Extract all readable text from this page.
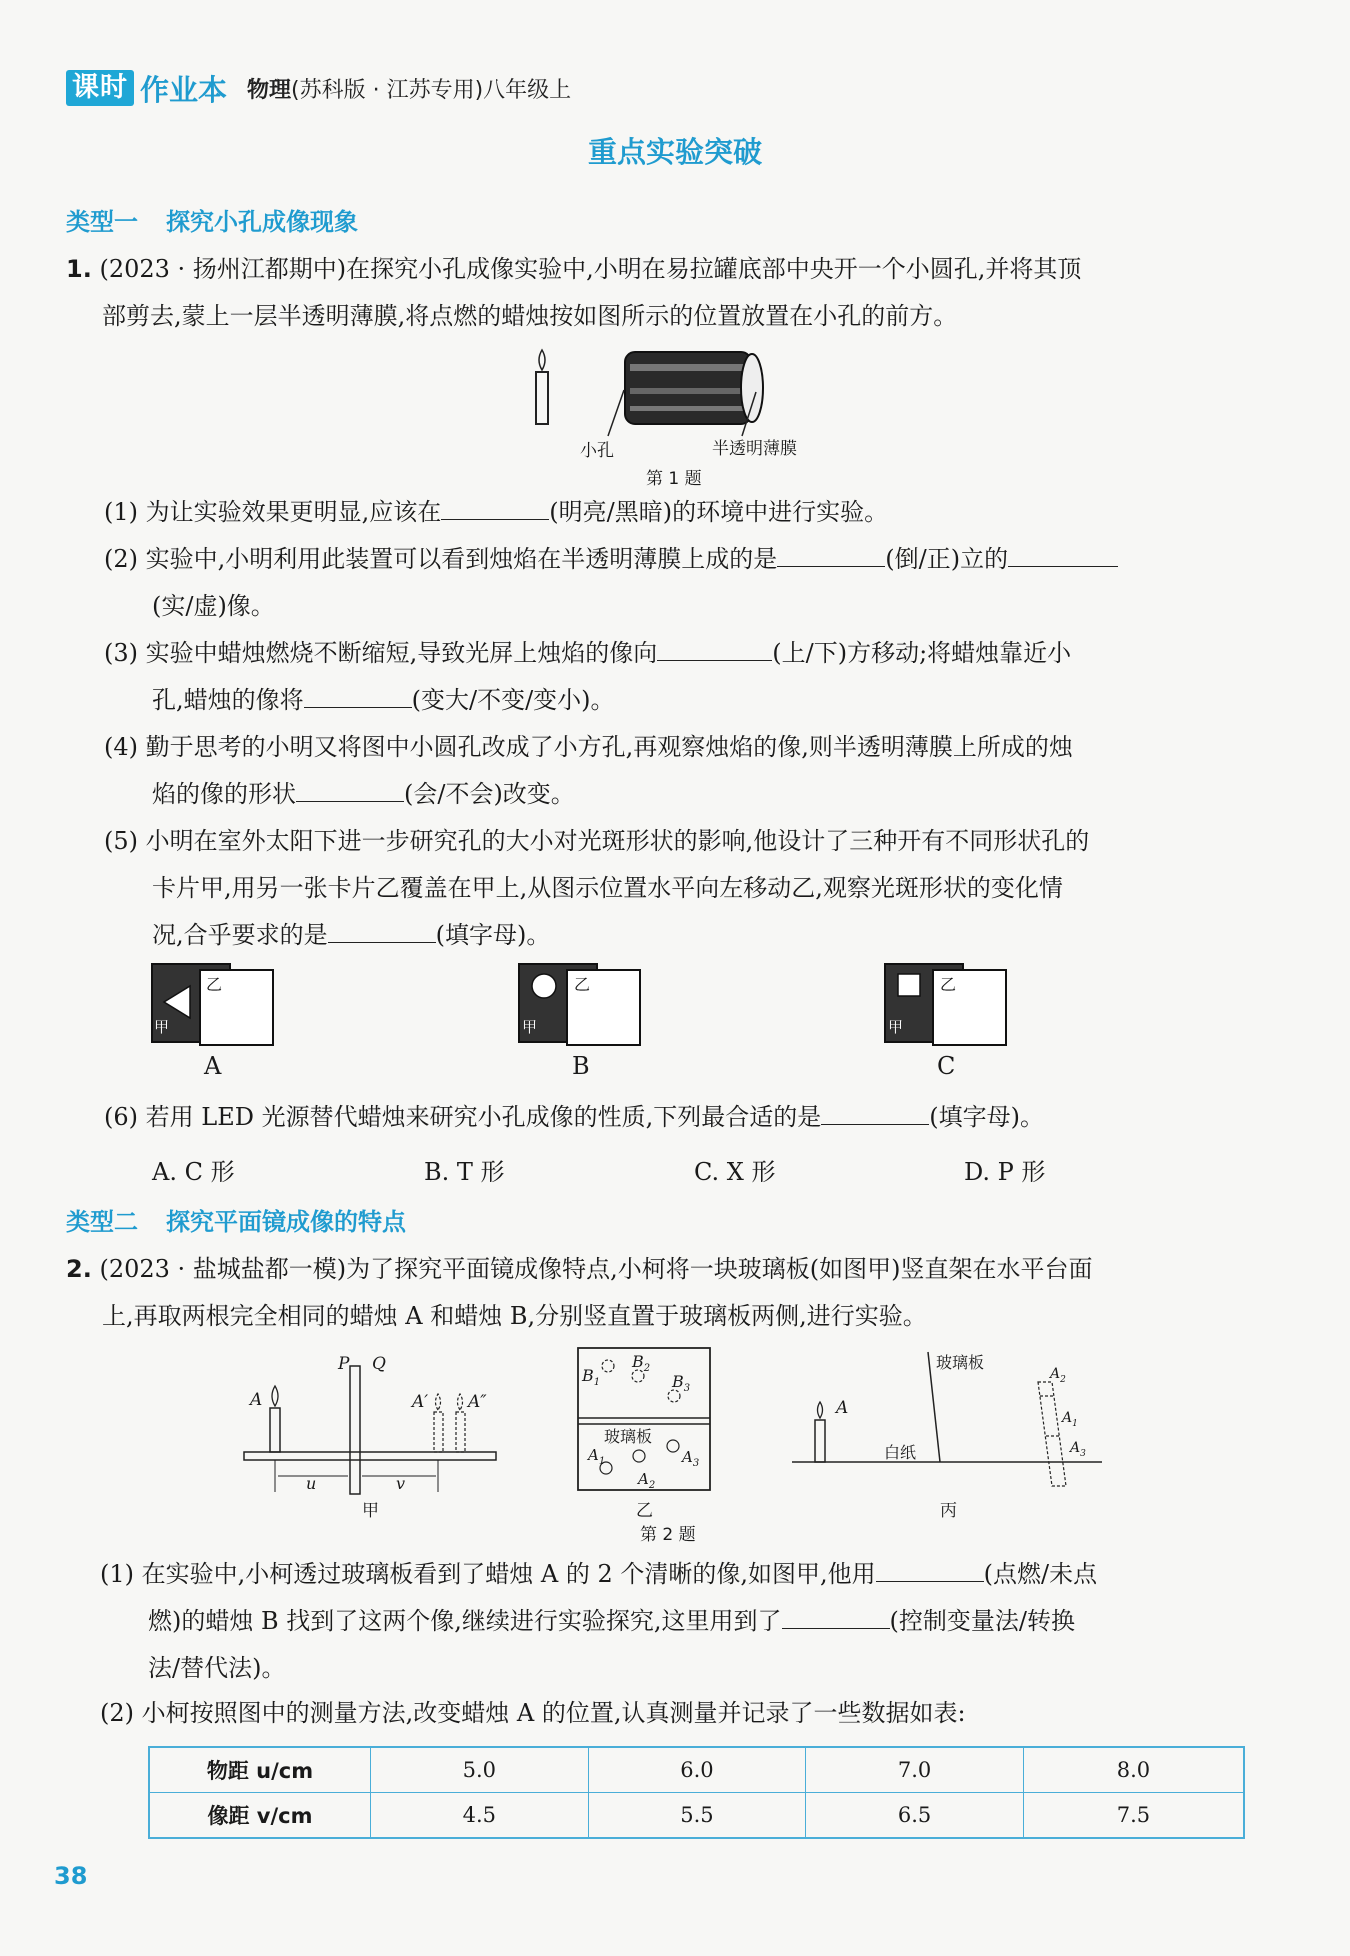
课时 作业本 物理(苏科版 · 江苏专用)八年级上
重点实验突破
类型一 探究小孔成像现象
1. (2023 · 扬州江都期中)在探究小孔成像实验中,小明在易拉罐底部中央开一个小圆孔,并将其顶
部剪去,蒙上一层半透明薄膜,将点燃的蜡烛按如图所示的位置放置在小孔的前方。
小孔	半透明薄膜
第 1 题
(1) 为让实验效果更明显,应该在	(明亮/黑暗)的环境中进行实验。
(2) 实验中,小明利用此装置可以看到烛焰在半透明薄膜上成的是	(倒/正)立的
(实/虚)像。
(3) 实验中蜡烛燃烧不断缩短,导致光屏上烛焰的像向	(上/下)方移动;将蜡烛靠近小
孔,蜡烛的像将	(变大/不变/变小)。
(4) 勤于思考的小明又将图中小圆孔改成了小方孔,再观察烛焰的像,则半透明薄膜上所成的烛
焰的像的形状	(会/不会)改变。
(5) 小明在室外太阳下进一步研究孔的大小对光斑形状的影响,他设计了三种开有不同形状孔的
卡片甲,用另一张卡片乙覆盖在甲上,从图示位置水平向左移动乙,观察光斑形状的变化情
况,合乎要求的是	(填字母)。
甲
乙
A
甲
乙
B
甲
乙
C
(6) 若用 LED 光源替代蜡烛来研究小孔成像的性质,下列最合适的是	(填字母)。
A. C 形	B. T 形	C. X 形	D. P 形
类型二 探究平面镜成像的特点
2. (2023 · 盐城盐都一模)为了探究平面镜成像特点,小柯将一块玻璃板(如图甲)竖直架在水平台面
上,再取两根完全相同的蜡烛 A 和蜡烛 B,分别竖直置于玻璃板两侧,进行实验。
P Q
A	A′ A″
u	v
甲
$B_1$
$B_2$
$B_3$
玻璃板
$A_1$
$A_2$
$A_3$
乙
第 2 题
A
玻璃板
白纸
$A_2$
$A_1$
$A_3$
丙
(1) 在实验中,小柯透过玻璃板看到了蜡烛 A 的 2 个清晰的像,如图甲,他用	(点燃/未点
燃)的蜡烛 B 找到了这两个像,继续进行实验探究,这里用到了	(控制变量法/转换
法/替代法)。
(2) 小柯按照图中的测量方法,改变蜡烛 A 的位置,认真测量并记录了一些数据如表:
物距 u/cm	5.0	6.0	7.0	8.0
像距 v/cm	4.5	5.5	6.5	7.5
38
